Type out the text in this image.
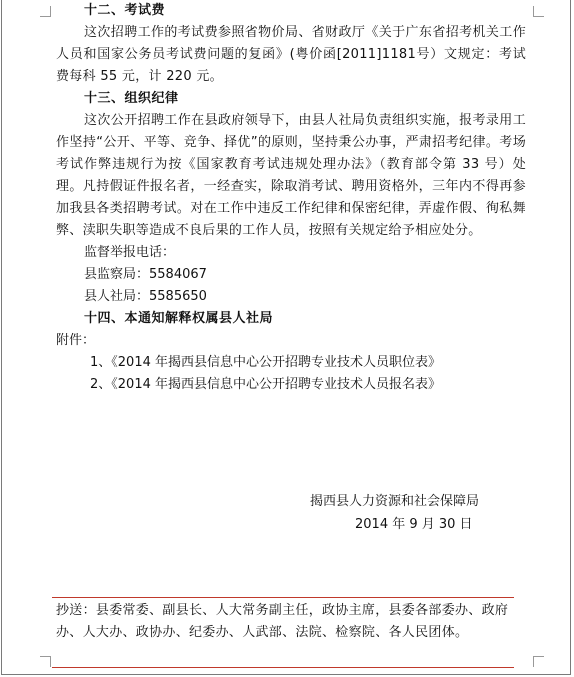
十二、考试费
这次招聘工作的考试费参照省物价局、省财政厅《关于广东省招考机关工作人员和国家公务员考试费问题的复函》(粤价函[2011]1181号）文规定：考试费每科 55 元，计 220 元。
十三、组织纪律
这次公开招聘工作在县政府领导下，由县人社局负责组织实施，报考录用工作坚持“公开、平等、竞争、择优”的原则，坚持秉公办事，严肃招考纪律。考场考试作弊违规行为按《国家教育考试违规处理办法》（教育部令第 33 号）处理。凡持假证件报名者，一经查实，除取消考试、聘用资格外，三年内不得再参加我县各类招聘考试。对在工作中违反工作纪律和保密纪律，弄虚作假、徇私舞弊、渎职失职等造成不良后果的工作人员，按照有关规定给予相应处分。
监督举报电话：
县监察局：5584067
县人社局：5585650
十四、本通知解释权属县人社局
附件：
1、《2014 年揭西县信息中心公开招聘专业技术人员职位表》
2、《2014 年揭西县信息中心公开招聘专业技术人员报名表》
揭西县人力资源和社会保障局
2014 年 9 月 30 日
抄送：县委常委、副县长、人大常务副主任，政协主席，县委各部委办、政府办、人大办、政协办、纪委办、人武部、法院、检察院、各人民团体。
